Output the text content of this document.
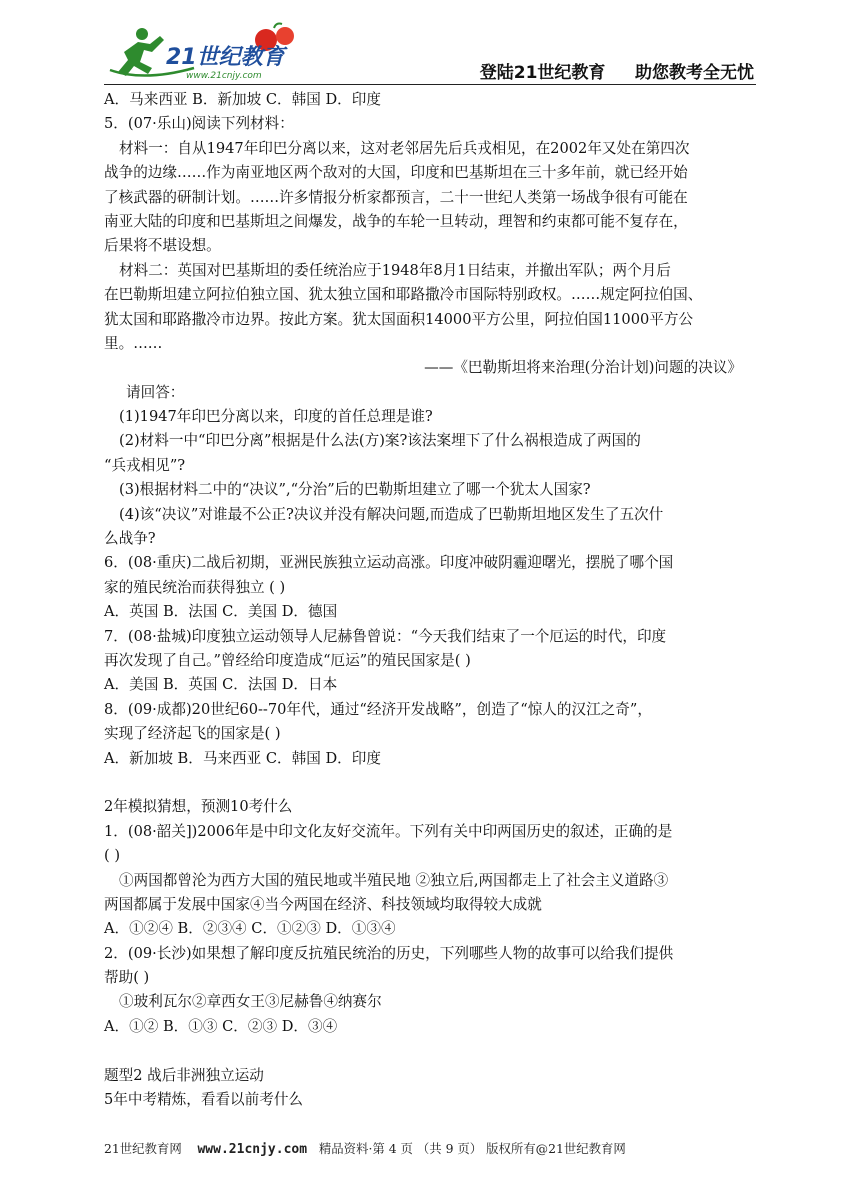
21世纪教育
www.21cnjy.com	登陆21世纪教育     助您教考全无忧
A．马来西亚 B．新加坡 C．韩国 D．印度
5．(07·乐山)阅读下列材料：
材料一：自从1947年印巴分离以来，这对老邻居先后兵戎相见，在2002年又处在第四次
战争的边缘……作为南亚地区两个敌对的大国，印度和巴基斯坦在三十多年前，就已经开始
了核武器的研制计划。……许多情报分析家都预言，二十一世纪人类第一场战争很有可能在
南亚大陆的印度和巴基斯坦之间爆发，战争的车轮一旦转动，理智和约束都可能不复存在，
后果将不堪设想。
材料二：英国对巴基斯坦的委任统治应于1948年8月1日结束，并撤出军队；两个月后
在巴勒斯坦建立阿拉伯独立国、犹太独立国和耶路撒冷市国际特别政权。……规定阿拉伯国、
犹太国和耶路撒冷市边界。按此方案。犹太国面积14000平方公里，阿拉伯国11000平方公
里。……
——《巴勒斯坦将来治理(分治计划)问题的决议》
请回答：
(1)1947年印巴分离以来，印度的首任总理是谁?
(2)材料一中“印巴分离”根据是什么法(方)案?该法案埋下了什么祸根造成了两国的
“兵戎相见”?
(3)根据材料二中的“决议”,“分治”后的巴勒斯坦建立了哪一个犹太人国家?
(4)该“决议”对谁最不公正?决议并没有解决问题,而造成了巴勒斯坦地区发生了五次什
么战争?
6．(08·重庆)二战后初期，亚洲民族独立运动高涨。印度冲破阴霾迎曙光，摆脱了哪个国
家的殖民统治而获得独立 ( )
A．英国 B．法国 C．美国 D．德国
7．(08·盐城)印度独立运动领导人尼赫鲁曾说：“今天我们结束了一个厄运的时代，印度
再次发现了自己。”曾经给印度造成“厄运”的殖民国家是( )
A．美国 B．英国 C．法国 D．日本
8．(09·成都)20世纪60--70年代，通过“经济开发战略”，创造了“惊人的汉江之奇”，
实现了经济起飞的国家是( )
A．新加坡 B．马来西亚 C．韩国 D．印度
2年模拟猜想，预测10考什么
1．(08·韶关])2006年是中印文化友好交流年。下列有关中印两国历史的叙述，正确的是
( )
①两国都曾沦为西方大国的殖民地或半殖民地 ②独立后,两国都走上了社会主义道路③
两国都属于发展中国家④当今两国在经济、科技领域均取得较大成就
A．①②④ B．②③④ C．①②③ D．①③④
2．(09·长沙)如果想了解印度反抗殖民统治的历史，下列哪些人物的故事可以给我们提供
帮助( )
①玻利瓦尔②章西女王③尼赫鲁④纳赛尔
A．①② B．①③ C．②③ D．③④
题型2 战后非洲独立运动
5年中考精炼，看看以前考什么
21世纪教育网    www.21cnjy.com   精品资料·第 4 页 （共 9 页） 版权所有@21世纪教育网
